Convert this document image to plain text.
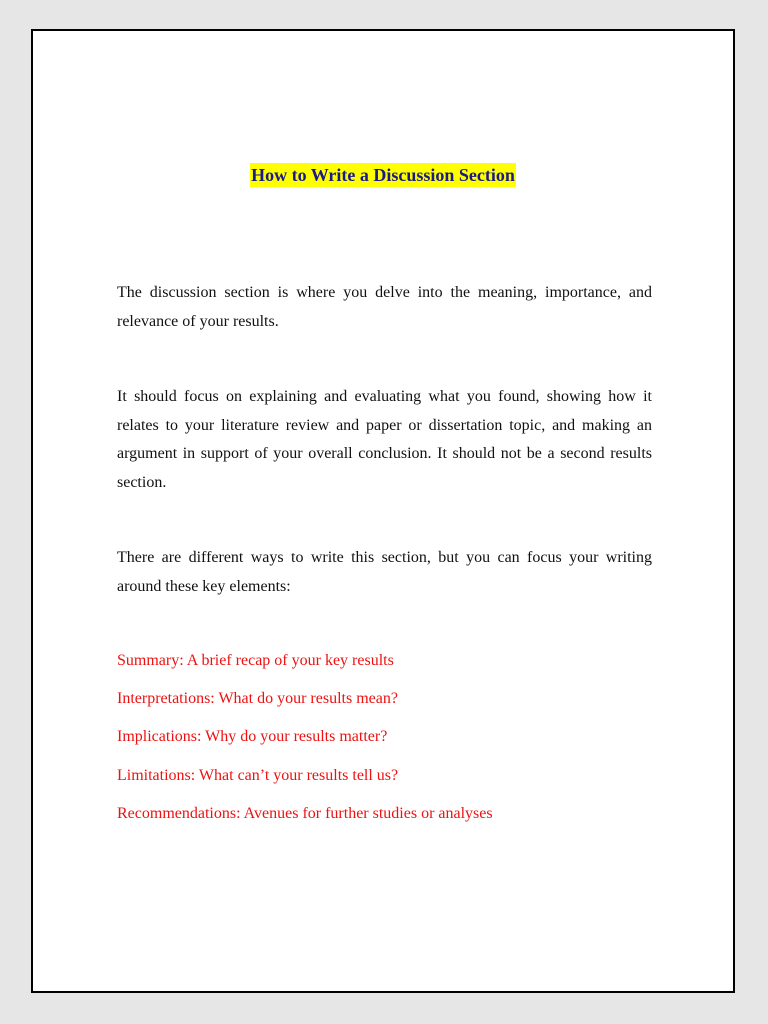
How to Write a Discussion Section

The discussion section is where you delve into the meaning, importance, and relevance of your results.

It should focus on explaining and evaluating what you found, showing how it relates to your literature review and paper or dissertation topic, and making an argument in support of your overall conclusion. It should not be a second results section.

There are different ways to write this section, but you can focus your writing around these key elements:

Summary: A brief recap of your key results
Interpretations: What do your results mean?
Implications: Why do your results matter?
Limitations: What can’t your results tell us?
Recommendations: Avenues for further studies or analyses
